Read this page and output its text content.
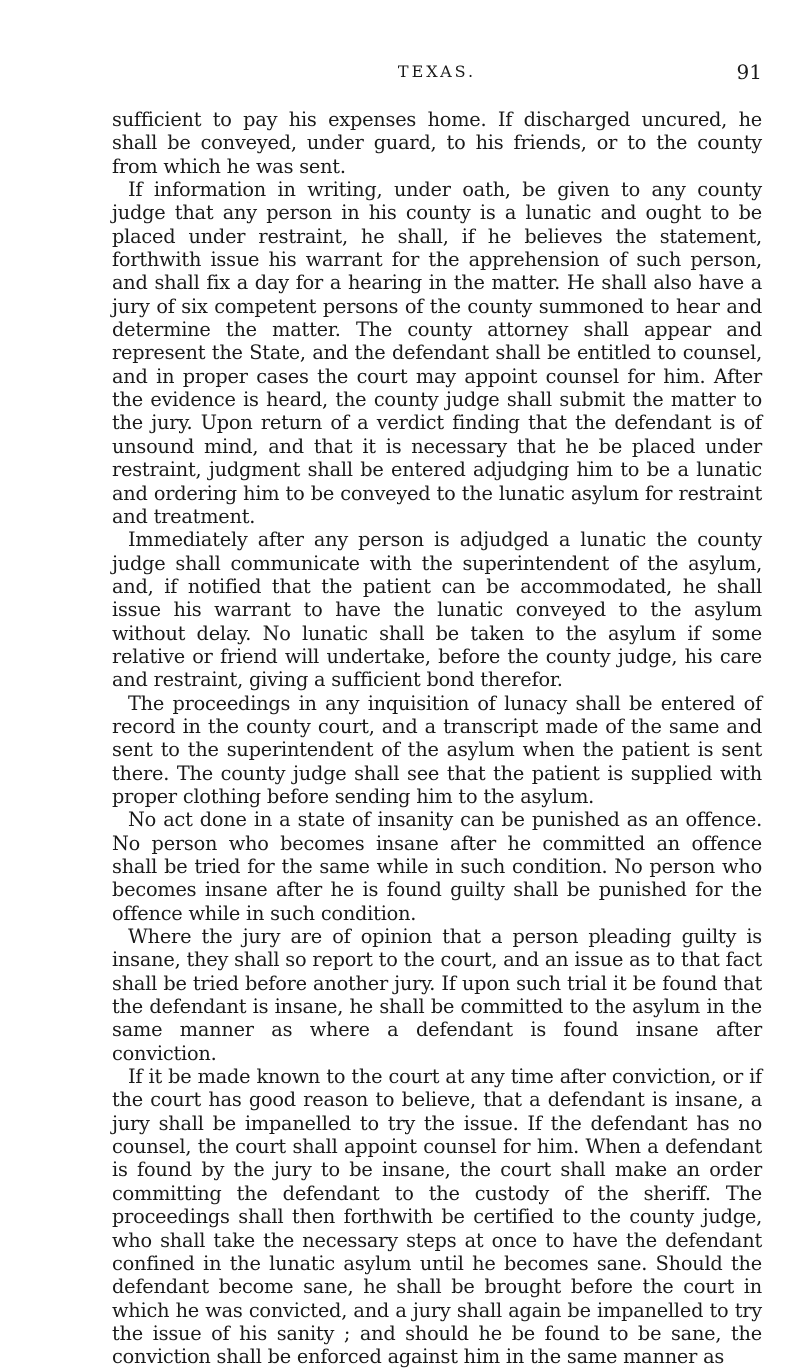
TEXAS.	91

sufficient to pay his expenses home. If discharged uncured, he shall be conveyed, under guard, to his friends, or to the county from which he was sent.

If information in writing, under oath, be given to any county judge that any person in his county is a lunatic and ought to be placed under restraint, he shall, if he believes the statement, forthwith issue his warrant for the apprehension of such person, and shall fix a day for a hearing in the matter. He shall also have a jury of six competent persons of the county summoned to hear and determine the matter. The county attorney shall appear and represent the State, and the defendant shall be entitled to counsel, and in proper cases the court may appoint counsel for him. After the evidence is heard, the county judge shall submit the matter to the jury. Upon return of a verdict finding that the defendant is of unsound mind, and that it is necessary that he be placed under restraint, judgment shall be entered adjudging him to be a lunatic and ordering him to be conveyed to the lunatic asylum for restraint and treatment.

Immediately after any person is adjudged a lunatic the county judge shall communicate with the superintendent of the asylum, and, if notified that the patient can be accommodated, he shall issue his warrant to have the lunatic conveyed to the asylum without delay. No lunatic shall be taken to the asylum if some relative or friend will undertake, before the county judge, his care and restraint, giving a sufficient bond therefor.

The proceedings in any inquisition of lunacy shall be entered of record in the county court, and a transcript made of the same and sent to the superintendent of the asylum when the patient is sent there. The county judge shall see that the patient is supplied with proper clothing before sending him to the asylum.

No act done in a state of insanity can be punished as an offence. No person who becomes insane after he committed an offence shall be tried for the same while in such condition. No person who becomes insane after he is found guilty shall be punished for the offence while in such condition.

Where the jury are of opinion that a person pleading guilty is insane, they shall so report to the court, and an issue as to that fact shall be tried before another jury. If upon such trial it be found that the defendant is insane, he shall be committed to the asylum in the same manner as where a defendant is found insane after conviction.

If it be made known to the court at any time after conviction, or if the court has good reason to believe, that a defendant is insane, a jury shall be impanelled to try the issue. If the defendant has no counsel, the court shall appoint counsel for him. When a defendant is found by the jury to be insane, the court shall make an order committing the defendant to the custody of the sheriff. The proceedings shall then forthwith be certified to the county judge, who shall take the necessary steps at once to have the defendant confined in the lunatic asylum until he becomes sane. Should the defendant become sane, he shall be brought before the court in which he was convicted, and a jury shall again be impanelled to try the issue of his sanity ; and should he be found to be sane, the conviction shall be enforced against him in the same manner as
